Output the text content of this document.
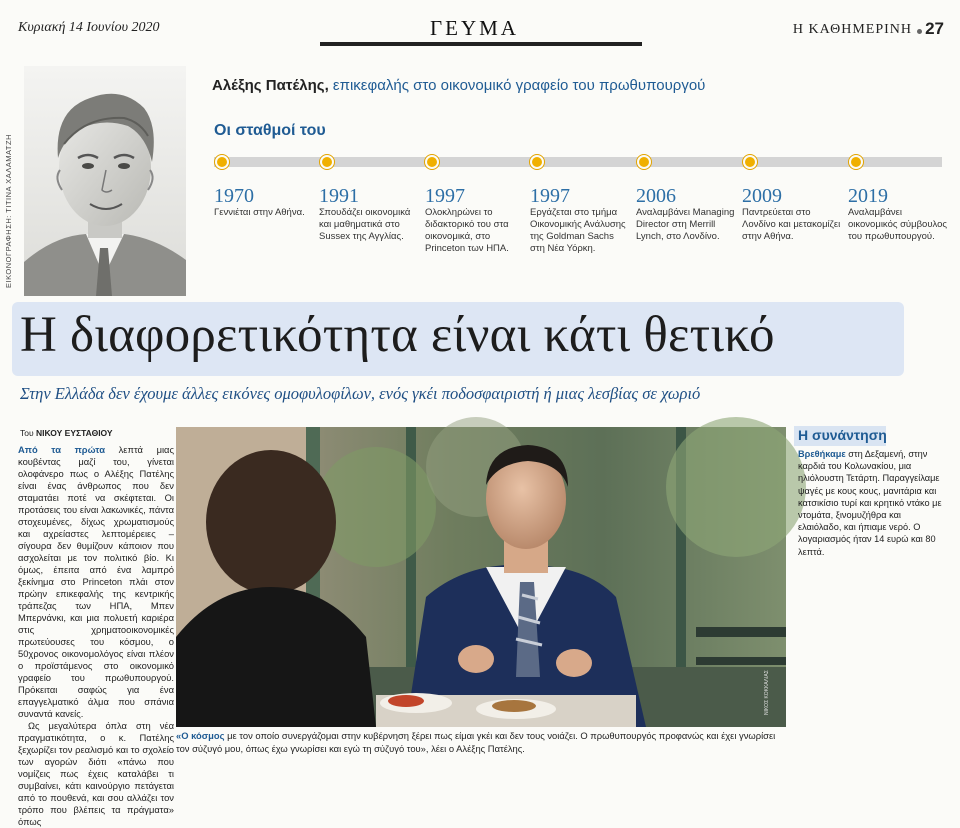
Κυριακή 14 Ιουνίου 2020	ΓΕΥΜΑ	Η ΚΑΘΗΜΕΡΙΝΗ 27
ΕΙΚΟΝΟΓΡΑΦΗΣΗ: ΤΙΤΙΝΑ ΧΑΛΑΜΑΤΖΗ
Αλέξης Πατέλης, επικεφαλής στο οικονομικό γραφείο του πρωθυπουργού
Οι σταθμοί του
1970
Γεννιέται στην Αθήνα.
1991
Σπουδάζει οικονομικά και μαθηματικά στο Sussex της Αγγλίας.
1997
Ολοκληρώνει το διδακτορικό του στα οικονομικά, στο Princeton των ΗΠΑ.
1997
Εργάζεται στο τμήμα Οικονομικής Ανάλυσης της Goldman Sachs στη Νέα Υόρκη.
2006
Αναλαμβάνει Managing Director στη Merrill Lynch, στο Λονδίνο.
2009
Παντρεύεται στο Λονδίνο και μετακομίζει στην Αθήνα.
2019
Αναλαμβάνει οικονομικός σύμβουλος του πρωθυπουργού.
Η διαφορετικότητα είναι κάτι θετικό
Στην Ελλάδα δεν έχουμε άλλες εικόνες ομοφυλοφίλων, ενός γκέι ποδοσφαιριστή ή μιας λεσβίας σε χωριό
Του ΝΙΚΟΥ ΕΥΣΤΑΘΙΟΥ

Από τα πρώτα λεπτά μιας κουβέντας μαζί του, γίνεται ολοφάνερο πως ο Αλέξης Πατέλης είναι ένας άνθρωπος που δεν σταματάει ποτέ να σκέφτεται. Οι προτάσεις του είναι λακωνικές, πάντα στοχευμένες, δίχως χρωματισμούς και αχρείαστες λεπτομέρειες – σίγουρα δεν θυμίζουν κάποιον που ασχολείται με τον πολιτικό βίο. Κι όμως, έπειτα από ένα λαμπρό ξεκίνημα στο Princeton πλάι στον πρώην επικεφαλής της κεντρικής τράπεζας των ΗΠΑ, Μπεν Μπερνάνκι, και μια πολυετή καριέρα στις χρηματοοικονομικές πρωτεύουσες του κόσμου, ο 50χρονος οικονομολόγος είναι πλέον ο προϊστάμενος στο οικονομικό γραφείο του πρωθυπουργού. Πρόκειται σαφώς για ένα επαγγελματικό άλμα που σπάνια συναντά κανείς.

Ως μεγαλύτερα όπλα στη νέα πραγματικότητα, ο κ. Πατέλης ξεχωρίζει τον ρεαλισμό και το σχολείο των αγορών διότι «πάνω που νομίζεις πως έχεις καταλάβει τι συμβαίνει, κάτι καινούργιο πετάγεται από το πουθενά, και σου αλλάζει τον τρόπο που βλέπεις τα πράγματα» όπως

ΝΙΚΟΣ ΚΟΚΚΑΛΙΑΣ
«Ο κόσμος με τον οποίο συνεργάζομαι στην κυβέρνηση ξέρει πως είμαι γκέι και δεν τους νοιάζει. Ο πρωθυπουργός προφανώς και έχει γνωρίσει τον σύζυγό μου, όπως έχω γνωρίσει και εγώ τη σύζυγό του», λέει ο Αλέξης Πατέλης.
Η συνάντηση
Βρεθήκαμε στη Δεξαμενή, στην καρδιά του Κολωνακίου, μια ηλιόλουστη Τετάρτη. Παραγγείλαμε ψαγές με κους κους, μανιτάρια και κατσικίσιο τυρί και κρητικό ντάκο με ντομάτα, ξινομυζήθρα και ελαιόλαδο, και ήπιαμε νερό. Ο λογαριασμός ήταν 14 ευρώ και 80 λεπτά.
